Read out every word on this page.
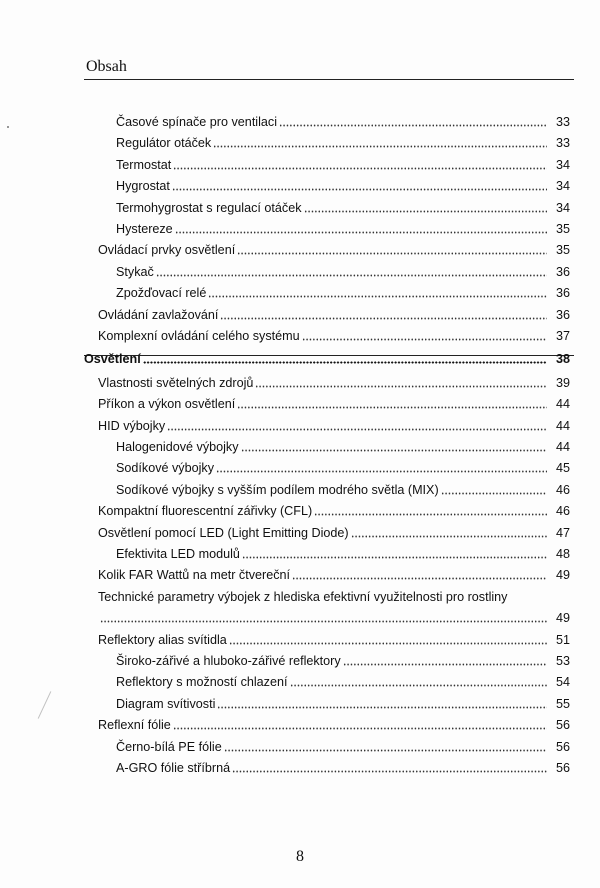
Obsah
Časové spínače pro ventilaci	33
Regulátor otáček	33
Termostat	34
Hygrostat	34
Termohygrostat s regulací otáček	34
Hystereze	35
Ovládací prvky osvětlení	35
Stykač	36
Zpožďovací relé	36
Ovládání zavlažování	36
Komplexní ovládání celého systému	37
Osvětlení	38
Vlastnosti světelných zdrojů	39
Příkon a výkon osvětlení	44
HID výbojky	44
Halogenidové výbojky	44
Sodíkové výbojky	45
Sodíkové výbojky s vyšším podílem modrého světla (MIX)	46
Kompaktní fluorescentní zářivky (CFL)	46
Osvětlení pomocí LED (Light Emitting Diode)	47
Efektivita LED modulů	48
Kolik FAR Wattů na metr čtvereční	49
Technické parametry výbojek z hlediska efektivní využitelnosti pro rostliny
49
Reflektory alias svítidla	51
Široko-zářivé a hluboko-zářivé reflektory	53
Reflektory s možností chlazení	54
Diagram svítivosti	55
Reflexní fólie	56
Černo-bílá PE fólie	56
A-GRO fólie stříbrná	56
8
